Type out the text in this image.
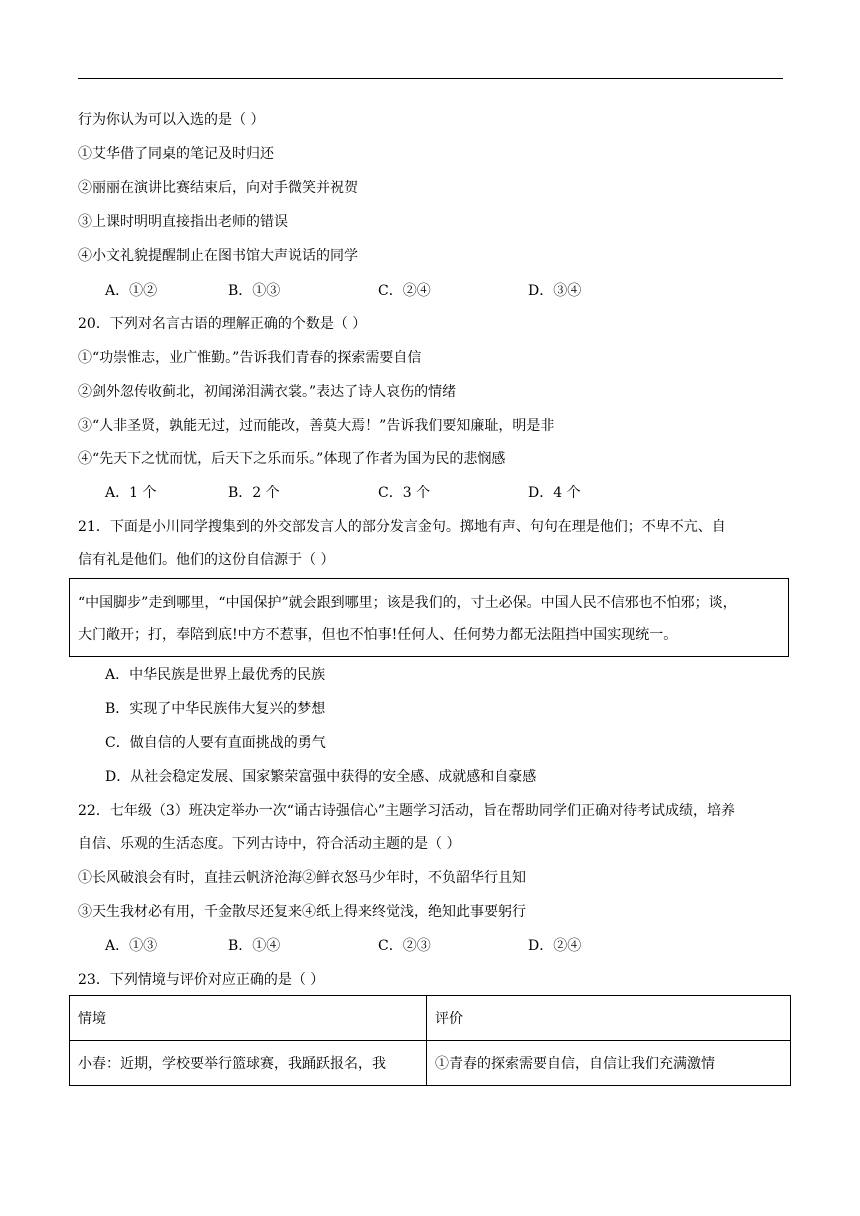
行为你认为可以入选的是（ ）
①艾华借了同桌的笔记及时归还
②丽丽在演讲比赛结束后，向对手微笑并祝贺
③上课时明明直接指出老师的错误
④小文礼貌提醒制止在图书馆大声说话的同学
A．①②	B．①③	C．②④	D．③④
20．下列对名言古语的理解正确的个数是（ ）
①“功崇惟志，业广惟勤。”告诉我们青春的探索需要自信
②剑外忽传收蓟北，初闻涕泪满衣裳。”表达了诗人哀伤的情绪
③“人非圣贤，孰能无过，过而能改，善莫大焉！”告诉我们要知廉耻，明是非
④“先天下之忧而忧，后天下之乐而乐。”体现了作者为国为民的悲悯感
A．1 个	B．2 个	C．3 个	D．4 个
21．下面是小川同学搜集到的外交部发言人的部分发言金句。掷地有声、句句在理是他们；不卑不亢、自
信有礼是他们。他们的这份自信源于（ ）
“中国脚步”走到哪里，“中国保护”就会跟到哪里；该是我们的，寸土必保。中国人民不信邪也不怕邪；谈，
大门敞开；打，奉陪到底!中方不惹事，但也不怕事!任何人、任何势力都无法阻挡中国实现统一。
A．中华民族是世界上最优秀的民族
B．实现了中华民族伟大复兴的梦想
C．做自信的人要有直面挑战的勇气
D．从社会稳定发展、国家繁荣富强中获得的安全感、成就感和自豪感
22．七年级（3）班决定举办一次“诵古诗强信心”主题学习活动，旨在帮助同学们正确对待考试成绩，培养
自信、乐观的生活态度。下列古诗中，符合活动主题的是（ ）
①长风破浪会有时，直挂云帆济沧海②鲜衣怒马少年时，不负韶华行且知
③天生我材必有用，千金散尽还复来④纸上得来终觉浅，绝知此事要躬行
A．①③	B．①④	C．②③	D．②④
23．下列情境与评价对应正确的是（ ）
情境	评价
小春：近期，学校要举行篮球赛，我踊跃报名，我	①青春的探索需要自信，自信让我们充满激情
